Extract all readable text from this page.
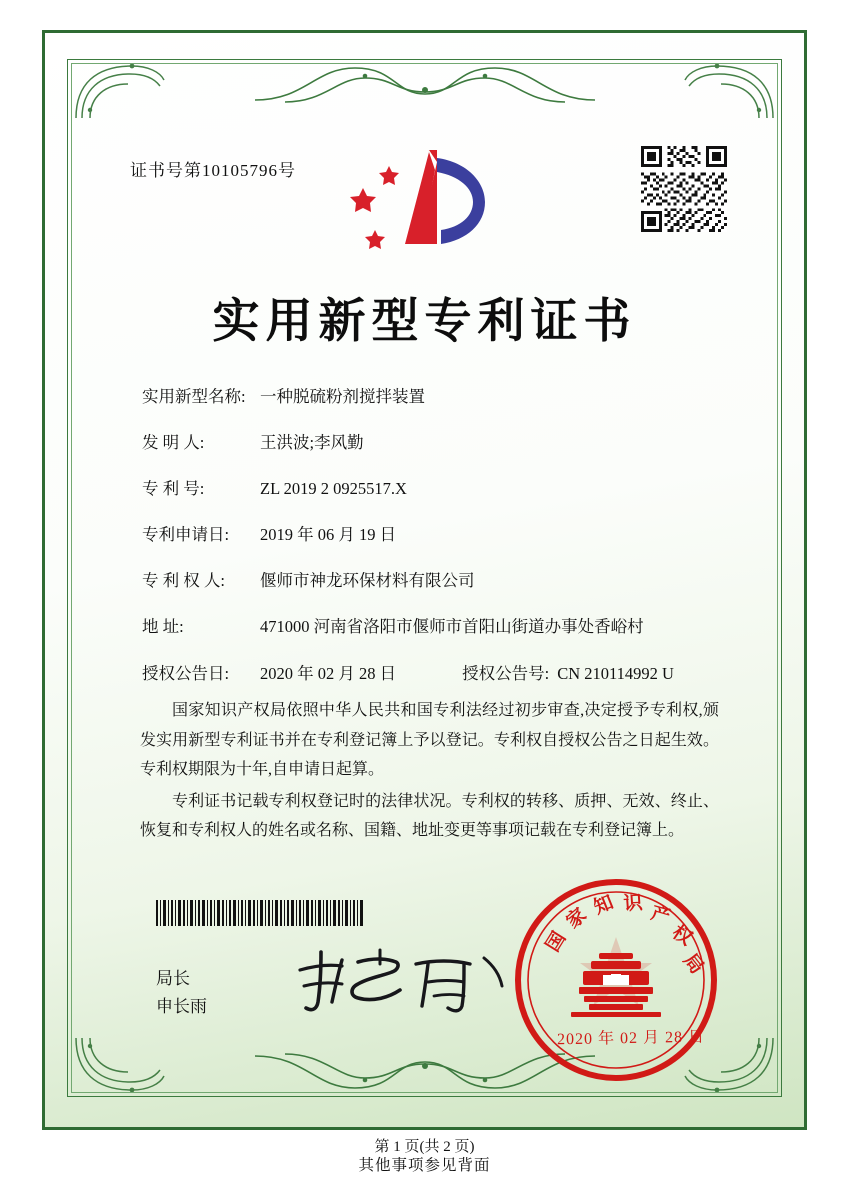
证书号第10105796号
实用新型专利证书
实用新型名称: 一种脱硫粉剂搅拌装置
发 明 人:	王洪波;李风勤
专 利 号:	ZL 2019 2 0925517.X
专利申请日:	2019 年 06 月 19 日
专 利 权 人:	偃师市神龙环保材料有限公司
地 址:	471000 河南省洛阳市偃师市首阳山街道办事处香峪村
授权公告日:	2020 年 02 月 28 日	授权公告号: CN 210114992 U

国家知识产权局依照中华人民共和国专利法经过初步审查,决定授予专利权,颁发实用新型专利证书并在专利登记簿上予以登记。专利权自授权公告之日起生效。专利权期限为十年,自申请日起算。

专利证书记载专利权登记时的法律状况。专利权的转移、质押、无效、终止、恢复和专利权人的姓名或名称、国籍、地址变更等事项记载在专利登记簿上。

局长
申长雨
国
家 知 识 产
权
局
2020 年 02 月 28 日
第 1 页(共 2 页)
其他事项参见背面
